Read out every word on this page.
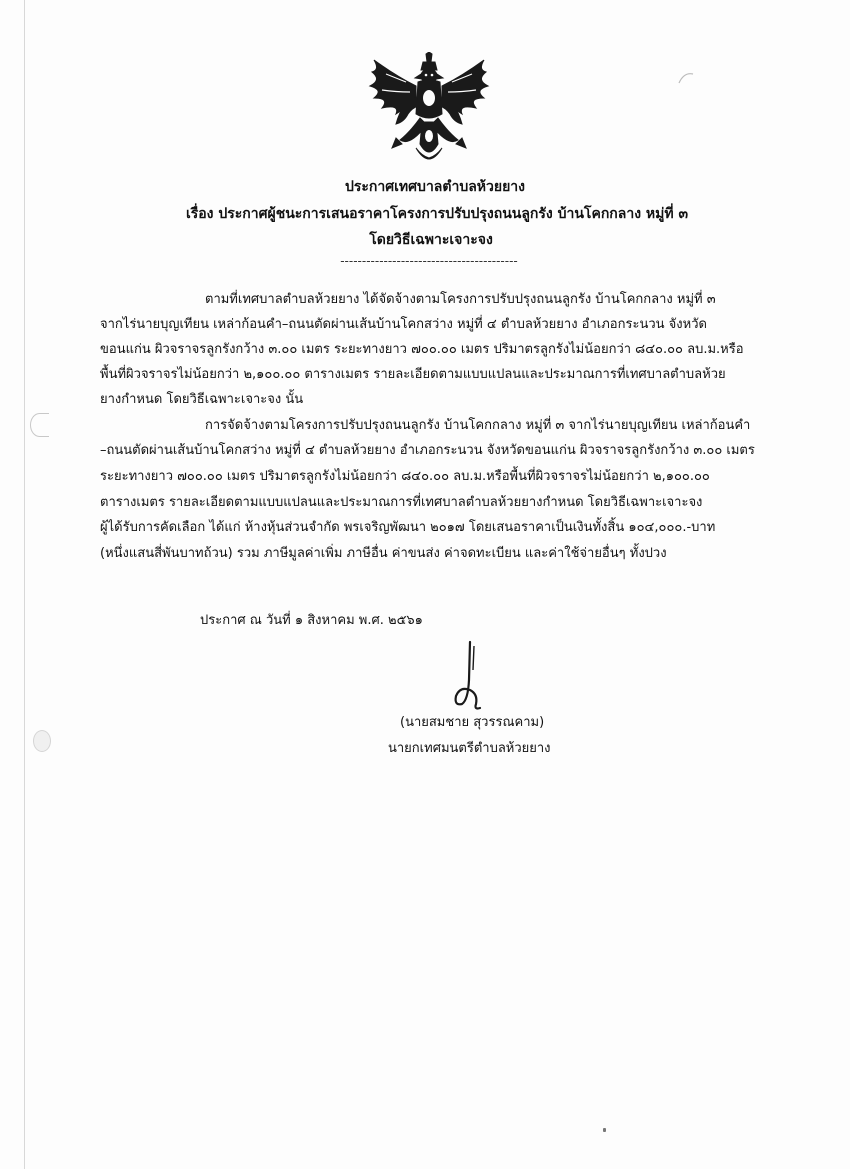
ประกาศเทศบาลตำบลห้วยยาง
เรื่อง ประกาศผู้ชนะการเสนอราคาโครงการปรับปรุงถนนลูกรัง บ้านโคกกลาง หมู่ที่ ๓
โดยวิธีเฉพาะเจาะจง
-----------------------------------------
ตามที่เทศบาลตำบลห้วยยาง ได้จัดจ้างตามโครงการปรับปรุงถนนลูกรัง บ้านโคกกลาง หมู่ที่ ๓
จากไร่นายบุญเทียน เหล่าก้อนคำ–ถนนตัดผ่านเส้นบ้านโคกสว่าง หมู่ที่ ๔ ตำบลห้วยยาง อำเภอกระนวน จังหวัด
ขอนแก่น ผิวจราจรลูกรังกว้าง ๓.๐๐ เมตร ระยะทางยาว ๗๐๐.๐๐ เมตร ปริมาตรลูกรังไม่น้อยกว่า ๘๔๐.๐๐ ลบ.ม.หรือ
พื้นที่ผิวจราจรไม่น้อยกว่า ๒,๑๐๐.๐๐ ตารางเมตร รายละเอียดตามแบบแปลนและประมาณการที่เทศบาลตำบลห้วย
ยางกำหนด โดยวิธีเฉพาะเจาะจง นั้น
การจัดจ้างตามโครงการปรับปรุงถนนลูกรัง บ้านโคกกลาง หมู่ที่ ๓ จากไร่นายบุญเทียน เหล่าก้อนคำ
–ถนนตัดผ่านเส้นบ้านโคกสว่าง หมู่ที่ ๔ ตำบลห้วยยาง อำเภอกระนวน จังหวัดขอนแก่น ผิวจราจรลูกรังกว้าง ๓.๐๐ เมตร
ระยะทางยาว ๗๐๐.๐๐ เมตร ปริมาตรลูกรังไม่น้อยกว่า ๘๔๐.๐๐ ลบ.ม.หรือพื้นที่ผิวจราจรไม่น้อยกว่า ๒,๑๐๐.๐๐
ตารางเมตร รายละเอียดตามแบบแปลนและประมาณการที่เทศบาลตำบลห้วยยางกำหนด โดยวิธีเฉพาะเจาะจง
ผู้ได้รับการคัดเลือก ได้แก่ ห้างหุ้นส่วนจำกัด พรเจริญพัฒนา ๒๐๑๗ โดยเสนอราคาเป็นเงินทั้งสิ้น ๑๐๔,๐๐๐.-บาท
(หนึ่งแสนสี่พันบาทถ้วน) รวม ภาษีมูลค่าเพิ่ม ภาษีอื่น ค่าขนส่ง ค่าจดทะเบียน และค่าใช้จ่ายอื่นๆ ทั้งปวง
ประกาศ ณ วันที่ ๑ สิงหาคม พ.ศ. ๒๕๖๑
(นายสมชาย สุวรรณคาม)
นายกเทศมนตรีตำบลห้วยยาง
